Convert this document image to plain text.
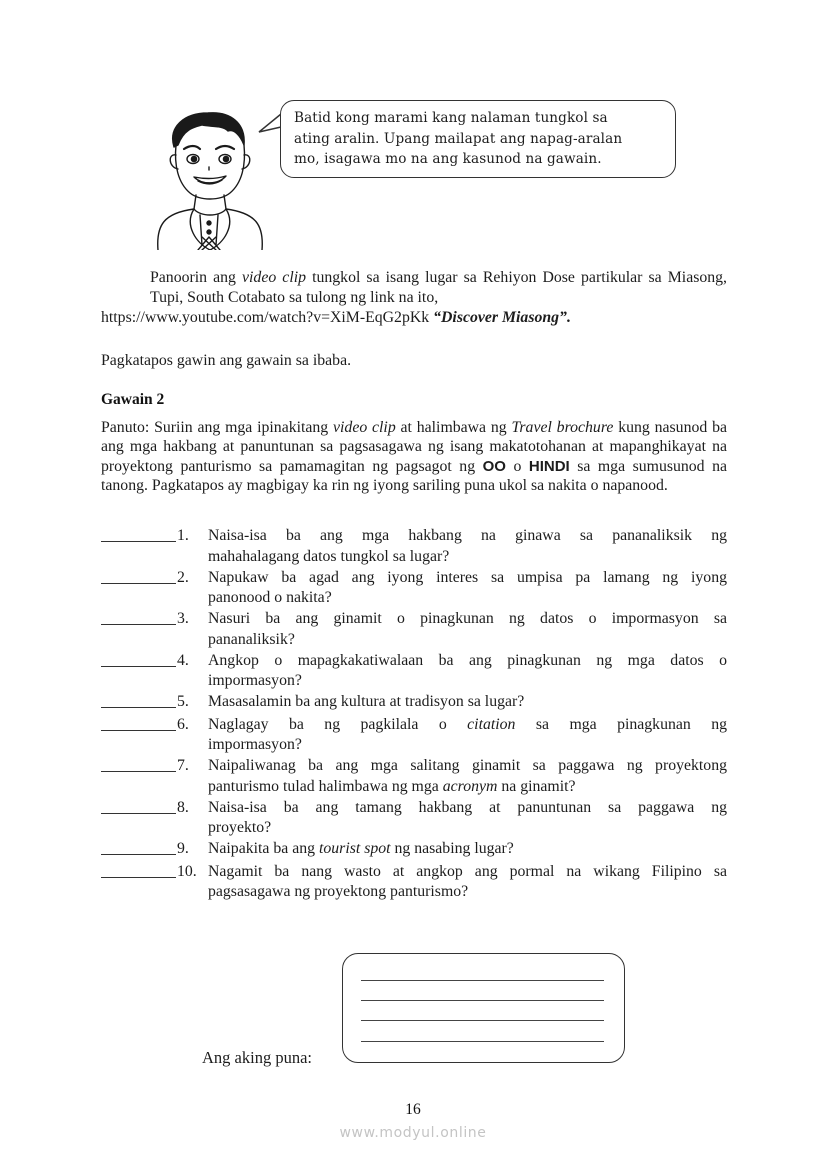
Batid kong marami kang nalaman tungkol sa
ating aralin. Upang mailapat ang napag-aralan
mo, isagawa mo na ang kasunod na gawain.

Panoorin ang video clip tungkol sa isang lugar sa Rehiyon Dose partikular sa Miasong, Tupi, South Cotabato sa tulong ng link na ito,

https://www.youtube.com/watch?v=XiM-EqG2pKk “Discover Miasong”.

Pagkatapos gawin ang gawain sa ibaba.
Gawain 2
Panuto: Suriin ang mga ipinakitang video clip at halimbawa ng Travel brochure kung nasunod ba ang mga hakbang at panuntunan sa pagsasagawa ng isang makatotohanan at mapanghikayat na proyektong panturismo sa pamamagitan ng pagsagot ng OO o HINDI sa mga sumusunod na tanong. Pagkatapos ay magbigay ka rin ng iyong sariling puna ukol sa nakita o napanood.
1. Naisa-isa ba ang mga hakbang na ginawa sa pananaliksik ng
mahahalagang datos tungkol sa lugar?
2. Napukaw ba agad ang iyong interes sa umpisa pa lamang ng iyong
panonood o nakita?
3. Nasuri ba ang ginamit o pinagkunan ng datos o impormasyon sa
pananaliksik?
4. Angkop o mapagkakatiwalaan ba ang pinagkunan ng mga datos o
impormasyon?
5. Masasalamin ba ang kultura at tradisyon sa lugar?
6. Naglagay ba ng pagkilala o citation sa mga pinagkunan ng
impormasyon?
7. Naipaliwanag ba ang mga salitang ginamit sa paggawa ng proyektong
panturismo tulad halimbawa ng mga acronym na ginamit?
8. Naisa-isa ba ang tamang hakbang at panuntunan sa paggawa ng
proyekto?
9. Naipakita ba ang tourist spot ng nasabing lugar?
10. Nagamit ba nang wasto at angkop ang pormal na wikang Filipino sa
pagsasagawa ng proyektong panturismo?
Ang aking puna:
16
www.modyul.online
